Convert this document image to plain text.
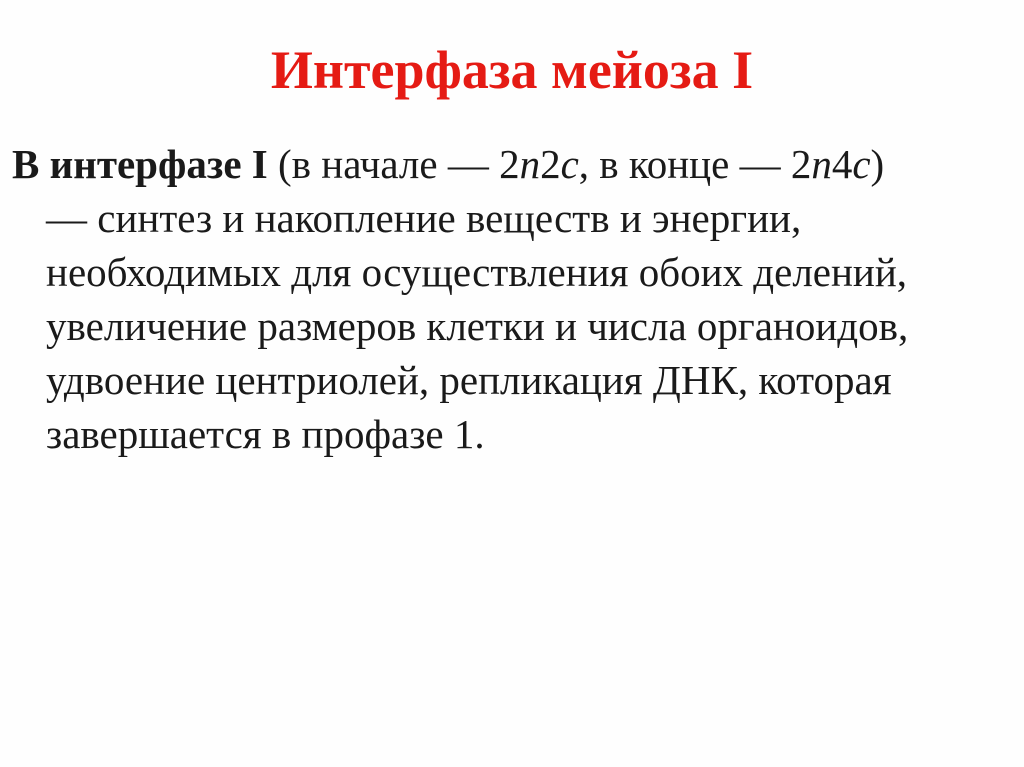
Интерфаза мейоза I
В интерфазе I (в начале — 2n2c, в конце — 2n4c)
— синтез и накопление веществ и энергии,
необходимых для осуществления обоих делений,
увеличение размеров клетки и числа органоидов,
удвоение центриолей, репликация ДНК, которая
завершается в профазе 1.
